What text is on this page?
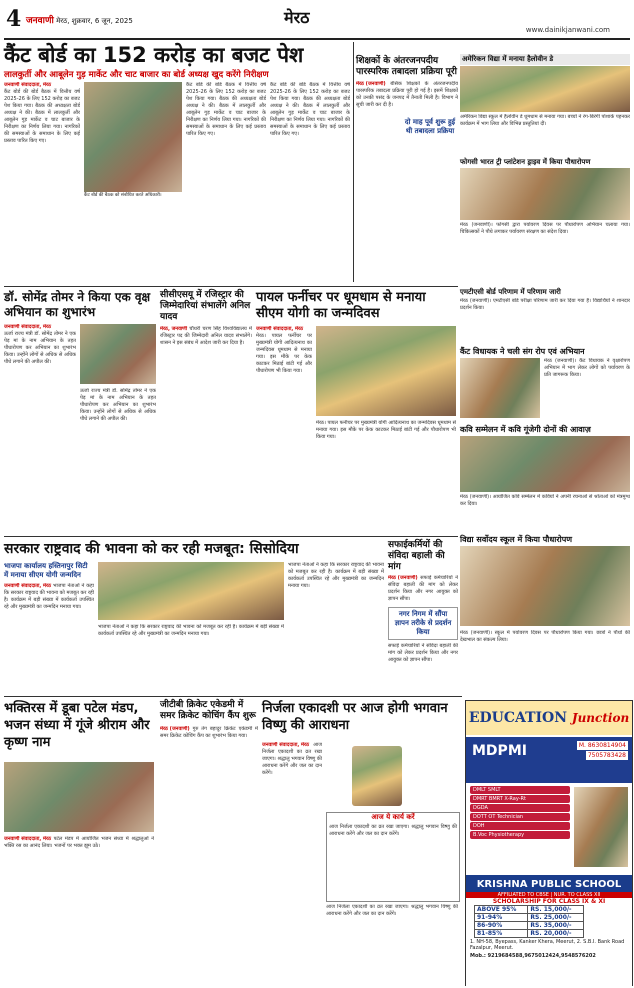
4 जनवाणी मेरठ, शुक्रवार, 6 जून, 2025	मेरठ
www.dainikjanwani.com
कैंट बोर्ड का 152 करोड़ का बजट पेश
लालकुर्ती और आबूलेन गुड़ मार्केट और चाट बाजार का बोर्ड अध्यक्ष खुद करेंगे निरीक्षण
जनवाणी संवाददाता, मेरठ
कैंट बोर्ड की बोर्ड बैठक में वित्तीय वर्ष 2025-26 के लिए 152 करोड़ का बजट पेश किया गया। बैठक की अध्यक्षता बोर्ड अध्यक्ष ने की। बैठक में लालकुर्ती और आबूलेन गुड़ मार्केट व चाट बाजार के निरीक्षण का निर्णय लिया गया। नागरिकों की समस्याओं के समाधान के लिए कई प्रस्ताव पारित किए गए।
कैंट बोर्ड की बैठक को संबोधित करते अधिकारी।
कैंट बोर्ड की बोर्ड बैठक में वित्तीय वर्ष 2025-26 के लिए 152 करोड़ का बजट पेश किया गया। बैठक की अध्यक्षता बोर्ड अध्यक्ष ने की। बैठक में लालकुर्ती और आबूलेन गुड़ मार्केट व चाट बाजार के निरीक्षण का निर्णय लिया गया। नागरिकों की समस्याओं के समाधान के लिए कई प्रस्ताव पारित किए गए।
कैंट बोर्ड की बोर्ड बैठक में वित्तीय वर्ष 2025-26 के लिए 152 करोड़ का बजट पेश किया गया। बैठक की अध्यक्षता बोर्ड अध्यक्ष ने की। बैठक में लालकुर्ती और आबूलेन गुड़ मार्केट व चाट बाजार के निरीक्षण का निर्णय लिया गया। नागरिकों की समस्याओं के समाधान के लिए कई प्रस्ताव पारित किए गए।
शिक्षकों के अंतरजनपदीय पारस्परिक तबादला प्रक्रिया पूरी
मेरठ (जनवाणी) बेसिक शिक्षकों के अंतरजनपदीय पारस्परिक तबादला प्रक्रिया पूरी हो गई है। इसमें शिक्षकों को उनकी पसंद के जनपद में तैनाती मिली है। विभाग ने सूची जारी कर दी है।
दो माह पूर्व शुरू हुई थी तबादला प्रक्रिया
अमेरिकन विद्या में मनाया हैलोवीन डे
अमेरिकन विद्या स्कूल में हैलोवीन डे धूमधाम से मनाया गया। बच्चों ने रंग-बिरंगी पोशाकें पहनकर कार्यक्रम में भाग लिया और विभिन्न प्रस्तुतियां दीं।
फोगसी भारत ट्री प्लांटेशन ड्राइव में किया पौधारोपण
मेरठ (जनवाणी)। फोगसी द्वारा पर्यावरण दिवस पर पौधारोपण अभियान चलाया गया। चिकित्सकों ने पौधे लगाकर पर्यावरण संरक्षण का संदेश दिया।
डॉ. सोमेंद्र तोमर ने किया एक वृक्ष अभियान का शुभारंभ
जनवाणी संवाददाता, मेरठ
ऊर्जा राज्य मंत्री डॉ. सोमेंद्र तोमर ने एक पेड़ मां के नाम अभियान के तहत पौधारोपण कर अभियान का शुभारंभ किया। उन्होंने लोगों से अधिक से अधिक पौधे लगाने की अपील की।
ऊर्जा राज्य मंत्री डॉ. सोमेंद्र तोमर ने एक पेड़ मां के नाम अभियान के तहत पौधारोपण कर अभियान का शुभारंभ किया। उन्होंने लोगों से अधिक से अधिक पौधे लगाने की अपील की।
सीसीएसयू में रजिस्ट्रार की जिम्मेदारियां संभालेंगे अनिल यादव
मेरठ, जनवाणी चौधरी चरण सिंह विश्वविद्यालय में रजिस्ट्रार पद की जिम्मेदारी अनिल यादव संभालेंगे। शासन ने इस संबंध में आदेश जारी कर दिया है।
पायल फर्नीचर पर धूमधाम से मनाया सीएम योगी का जन्मदिवस
जनवाणी संवाददाता, मेरठ मेरठ। पायल फर्नीचर पर मुख्यमंत्री योगी आदित्यनाथ का जन्मदिवस धूमधाम से मनाया गया। इस मौके पर केक काटकर मिठाई बांटी गई और पौधारोपण भी किया गया।
मेरठ। पायल फर्नीचर पर मुख्यमंत्री योगी आदित्यनाथ का जन्मदिवस धूमधाम से मनाया गया। इस मौके पर केक काटकर मिठाई बांटी गई और पौधारोपण भी किया गया।
एमटीएसी बोर्ड परिणाम में परिणाम जारी
मेरठ (जनवाणी)। एमटीएसी बोर्ड परीक्षा परिणाम जारी कर दिया गया है। विद्यार्थियों ने शानदार प्रदर्शन किया।
कैंट विधायक ने चली संग रोप एवं अभियान
मेरठ (जनवाणी)। कैंट विधायक ने वृक्षारोपण अभियान में भाग लेकर लोगों को पर्यावरण के प्रति जागरूक किया।
कवि सम्मेलन में कवि गूंजेगी दोनों की आवाज़
मेरठ (जनवाणी)। आयोजित कवि सम्मेलन में कवियों ने अपनी रचनाओं से श्रोताओं को मंत्रमुग्ध कर दिया।
सरकार राष्ट्रवाद की भावना को कर रही मजबूत: सिसोदिया
भाजपा कार्यालय हस्तिनापुर सिटी में मनाया सीएम योगी जन्मदिन
जनवाणी संवाददाता, मेरठ भाजपा नेताओं ने कहा कि सरकार राष्ट्रवाद की भावना को मजबूत कर रही है। कार्यक्रम में बड़ी संख्या में कार्यकर्ता उपस्थित रहे और मुख्यमंत्री का जन्मदिन मनाया गया।
भाजपा नेताओं ने कहा कि सरकार राष्ट्रवाद की भावना को मजबूत कर रही है। कार्यक्रम में बड़ी संख्या में कार्यकर्ता उपस्थित रहे और मुख्यमंत्री का जन्मदिन मनाया गया।
भाजपा नेताओं ने कहा कि सरकार राष्ट्रवाद की भावना को मजबूत कर रही है। कार्यक्रम में बड़ी संख्या में कार्यकर्ता उपस्थित रहे और मुख्यमंत्री का जन्मदिन मनाया गया।
सफाईकर्मियों की संविदा बहाली की मांग
मेरठ (जनवाणी) सफाई कर्मचारियों ने संविदा बहाली की मांग को लेकर प्रदर्शन किया और नगर आयुक्त को ज्ञापन सौंपा।
नगर निगम में सौंपा ज्ञापन तरीके से प्रदर्शन किया
सफाई कर्मचारियों ने संविदा बहाली की मांग को लेकर प्रदर्शन किया और नगर आयुक्त को ज्ञापन सौंपा।
विद्या सर्वोदय स्कूल में किया पौधारोपण
मेरठ (जनवाणी)। स्कूल में पर्यावरण दिवस पर पौधारोपण किया गया। छात्रों ने पौधों की देखभाल का संकल्प लिया।
भक्तिरस में डूबा पटेल मंडप, भजन संध्या में गूंजे श्रीराम और कृष्ण नाम
जनवाणी संवाददाता, मेरठ पटेल मंडप में आयोजित भजन संध्या में श्रद्धालुओं ने भक्ति रस का आनंद लिया। भजनों पर भक्त झूम उठे।
जीटीबी क्रिकेट एकेडमी में समर क्रिकेट कोचिंग कैंप शुरू
मेरठ (जनवाणी) गुरु तेग बहादुर क्रिकेट एकेडमी में समर क्रिकेट कोचिंग कैंप का शुभारंभ किया गया।
निर्जला एकादशी पर आज होगी भगवान विष्णु की आराधना
जनवाणी संवाददाता, मेरठ आज निर्जला एकादशी का व्रत रखा जाएगा। श्रद्धालु भगवान विष्णु की आराधना करेंगे और जल का दान करेंगे।
आज ये कार्य करें
आज निर्जला एकादशी का व्रत रखा जाएगा। श्रद्धालु भगवान विष्णु की आराधना करेंगे और जल का दान करेंगे।
आज निर्जला एकादशी का व्रत रखा जाएगा। श्रद्धालु भगवान विष्णु की आराधना करेंगे और जल का दान करेंगे।
EDUCATION Junction
MDPMI	M. 8630814904
7505783428
DMLT SMLT
DMRT BMRT X-Ray-Rt
DGDA
DOTT OT Technician
DOH
B.Voc Physiotherapy
KRISHNA PUBLIC SCHOOL
AFFILIATED TO CBSE | NUR. TO CLASS XII
SCHOLARSHIP FOR CLASS IX & XI
ABOVE 95%	RS. 15,000/-
91-94%	RS. 25,000/-
86-90%	RS. 35,000/-
81-85%	RS. 20,000/-
1. NH-58, Byepass, Kanker Khera, Meerut, 2. S.B.I. Bank Road Fazalpur, Meerut.
Mob.: 9219684588,9675012424,9548576202
